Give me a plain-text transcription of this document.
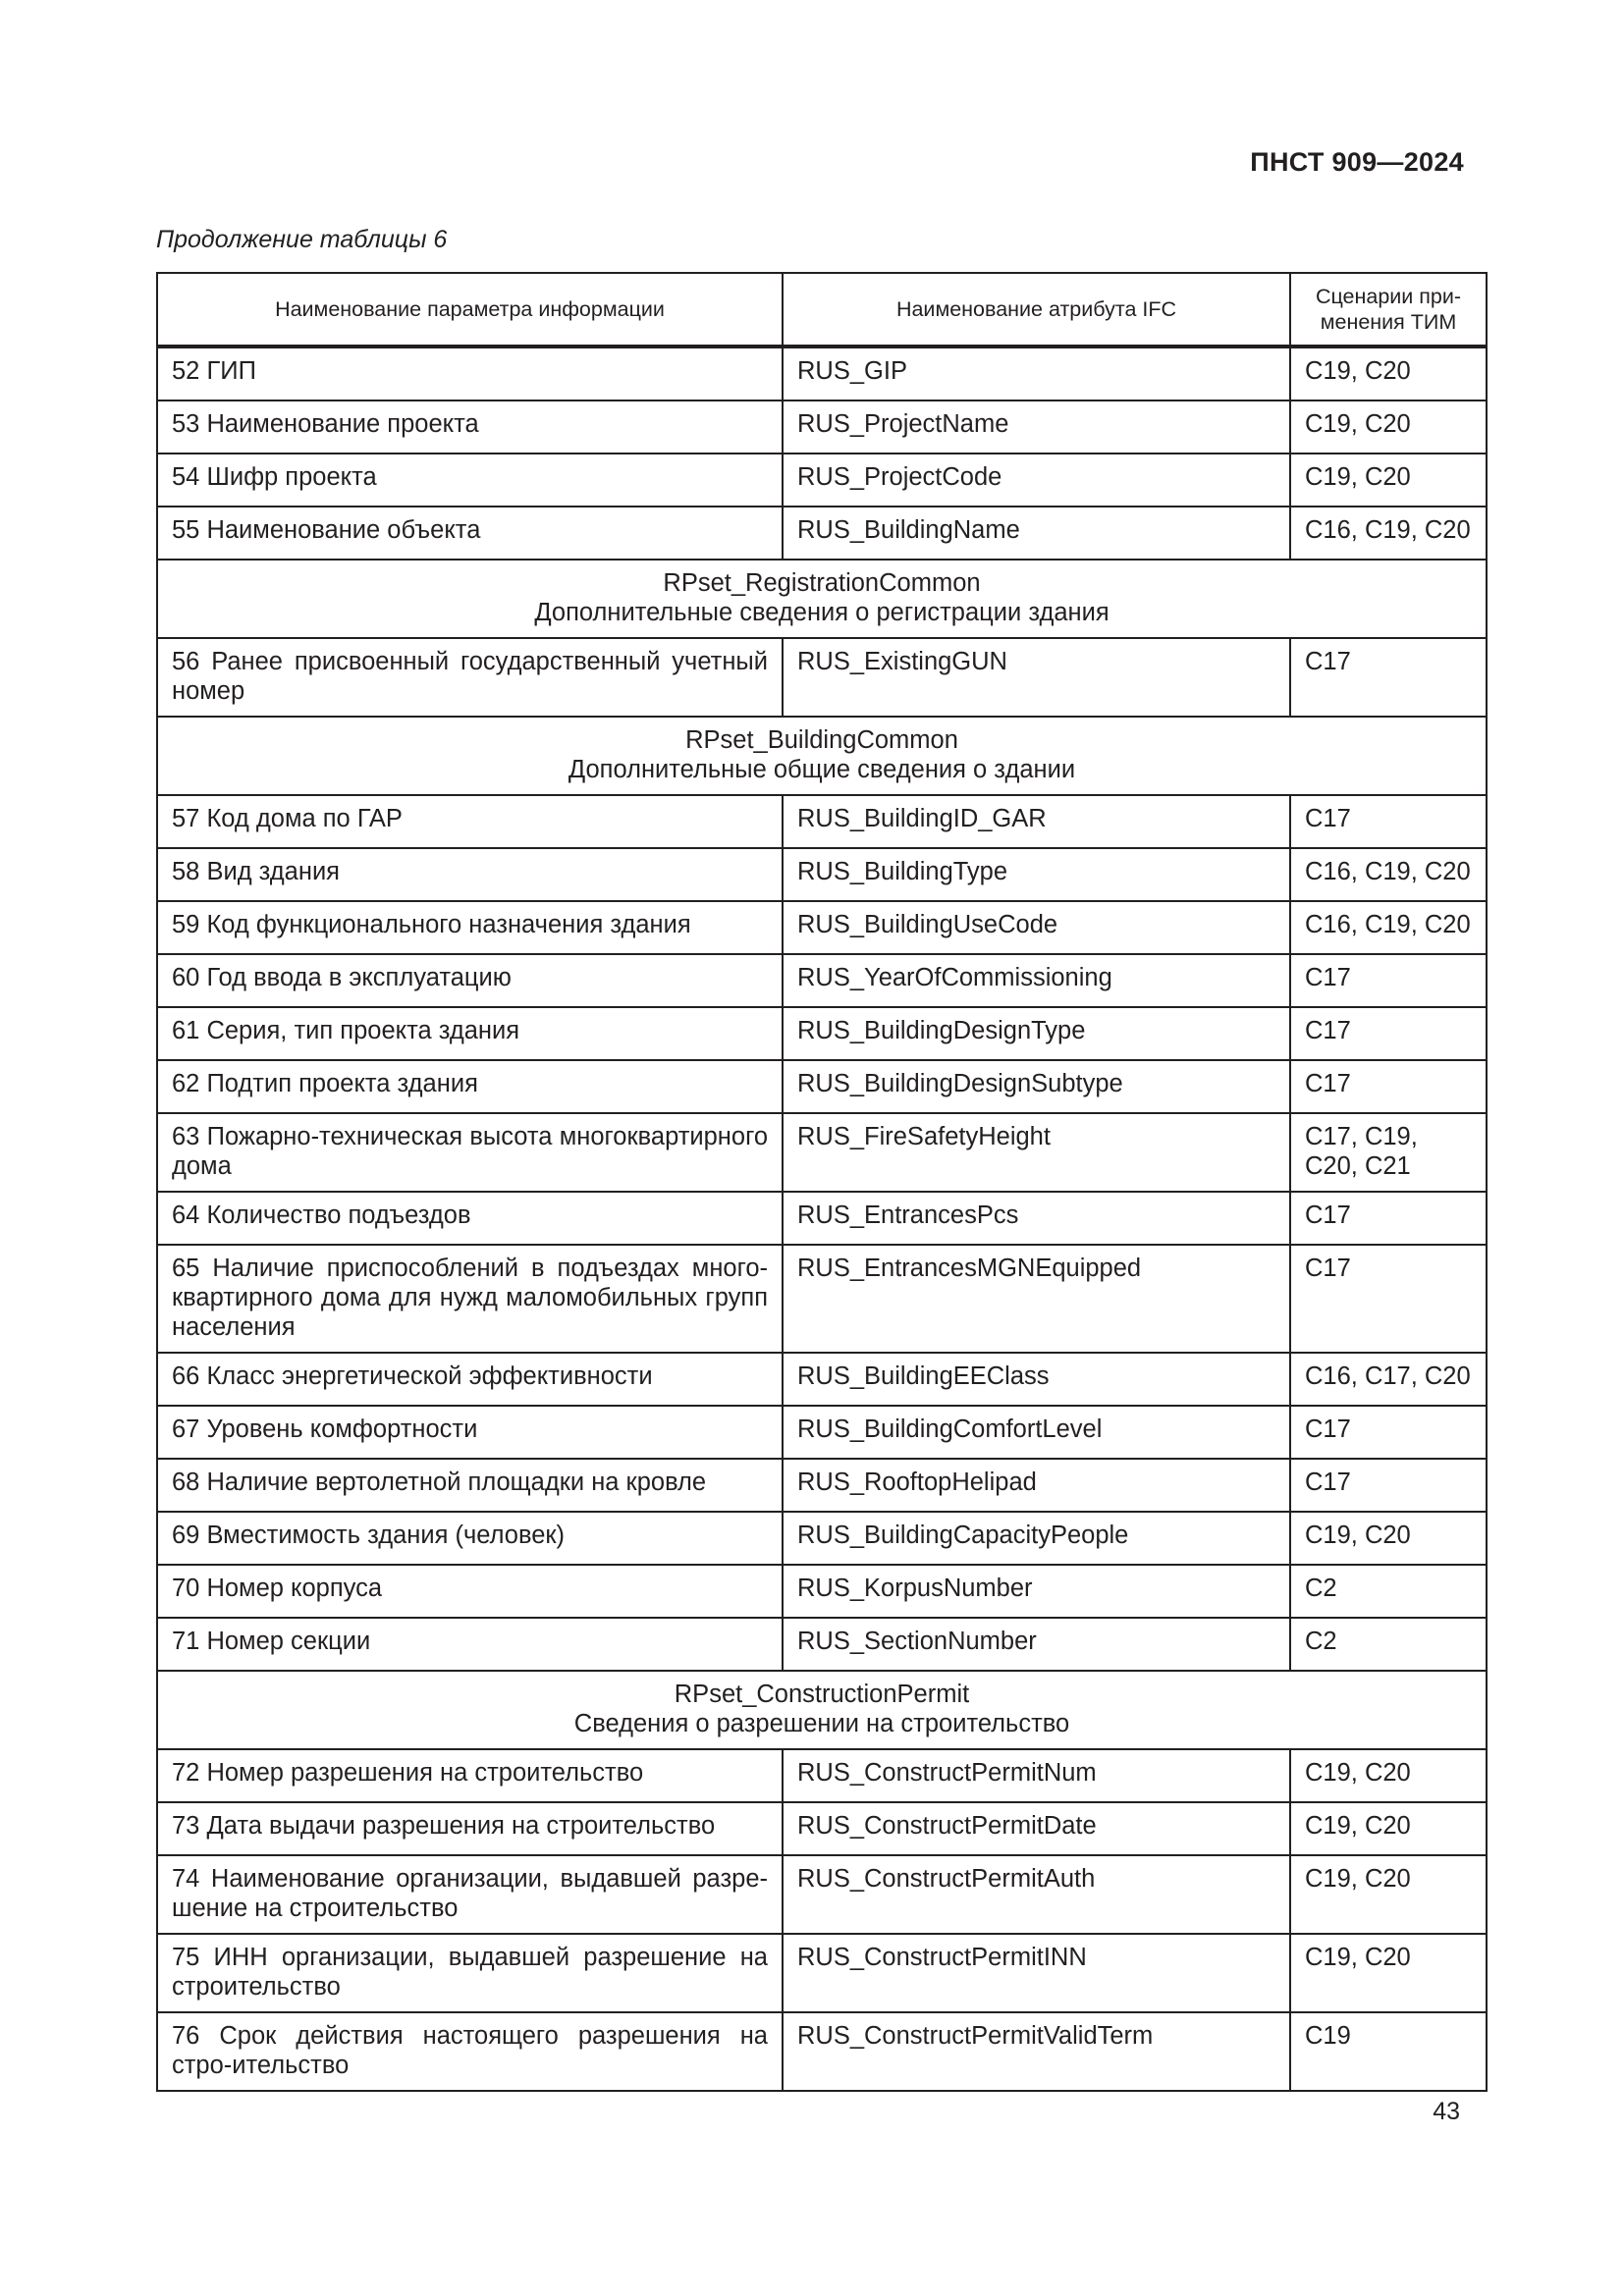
ПНСТ 909—2024
Продолжение таблицы 6
Наименование параметра информации	Наименование атрибута IFC	Сценарии при-менения ТИМ
52 ГИП	RUS_GIP	C19, C20
53 Наименование проекта	RUS_ProjectName	C19, C20
54 Шифр проекта	RUS_ProjectCode	C19, C20
55 Наименование объекта	RUS_BuildingName	C16, C19, C20

RPset_RegistrationCommon
Дополнительные сведения о регистрации здания		

56 Ранее присвоенный государственный учетный номер	RUS_ExistingGUN	C17

RPset_BuildingCommon
Дополнительные общие сведения о здании		

57 Код дома по ГАР	RUS_BuildingID_GAR	C17
58 Вид здания	RUS_BuildingType	C16, C19, C20
59 Код функционального назначения здания	RUS_BuildingUseCode	C16, C19, C20
60 Год ввода в эксплуатацию	RUS_YearOfCommissioning	C17
61 Серия, тип проекта здания	RUS_BuildingDesignType	C17
62 Подтип проекта здания	RUS_BuildingDesignSubtype	C17
63 Пожарно-техническая высота многоквартирного дома	RUS_FireSafetyHeight	C17, C19, C20, C21
64 Количество подъездов	RUS_EntrancesPcs	C17
65 Наличие приспособлений в подъездах много-квартирного дома для нужд маломобильных групп населения	RUS_EntrancesMGNEquipped	C17
66 Класс энергетической эффективности	RUS_BuildingEEClass	C16, C17, C20
67 Уровень комфортности	RUS_BuildingComfortLevel	C17
68 Наличие вертолетной площадки на кровле	RUS_RooftopHelipad	C17
69 Вместимость здания (человек)	RUS_BuildingCapacityPeople	C19, C20
70 Номер корпуса	RUS_KorpusNumber	C2
71 Номер секции	RUS_SectionNumber	C2

RPset_ConstructionPermit
Сведения о разрешении на строительство		

72 Номер разрешения на строительство	RUS_ConstructPermitNum	C19, C20
73 Дата выдачи разрешения на строительство	RUS_ConstructPermitDate	C19, C20
74 Наименование организации, выдавшей разре-шение на строительство	RUS_ConstructPermitAuth	C19, C20
75 ИНН организации, выдавшей разрешение на строительство	RUS_ConstructPermitINN	C19, C20
76 Срок действия настоящего разрешения на стро-ительство	RUS_ConstructPermitValidTerm	C19
43
